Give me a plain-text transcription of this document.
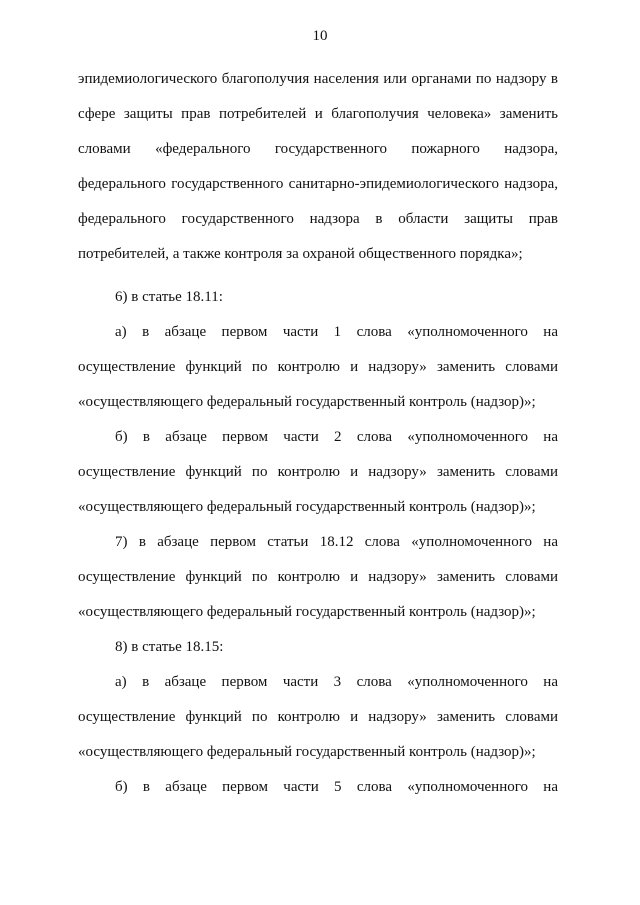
10
эпидемиологического благополучия населения или органами по надзору в
сфере защиты прав потребителей и благополучия человека» заменить
словами «федерального государственного пожарного надзора,
федерального государственного санитарно-эпидемиологического надзора,
федерального государственного надзора в области защиты прав
потребителей, а также контроля за охраной общественного порядка»;
6) в статье 18.11:
а) в абзаце первом части 1 слова «уполномоченного на
осуществление функций по контролю и надзору» заменить словами
«осуществляющего федеральный государственный контроль (надзор)»;
б) в абзаце первом части 2 слова «уполномоченного на
осуществление функций по контролю и надзору» заменить словами
«осуществляющего федеральный государственный контроль (надзор)»;
7) в абзаце первом статьи 18.12 слова «уполномоченного на
осуществление функций по контролю и надзору» заменить словами
«осуществляющего федеральный государственный контроль (надзор)»;
8) в статье 18.15:
а) в абзаце первом части 3 слова «уполномоченного на
осуществление функций по контролю и надзору» заменить словами
«осуществляющего федеральный государственный контроль (надзор)»;
б) в абзаце первом части 5 слова «уполномоченного на
